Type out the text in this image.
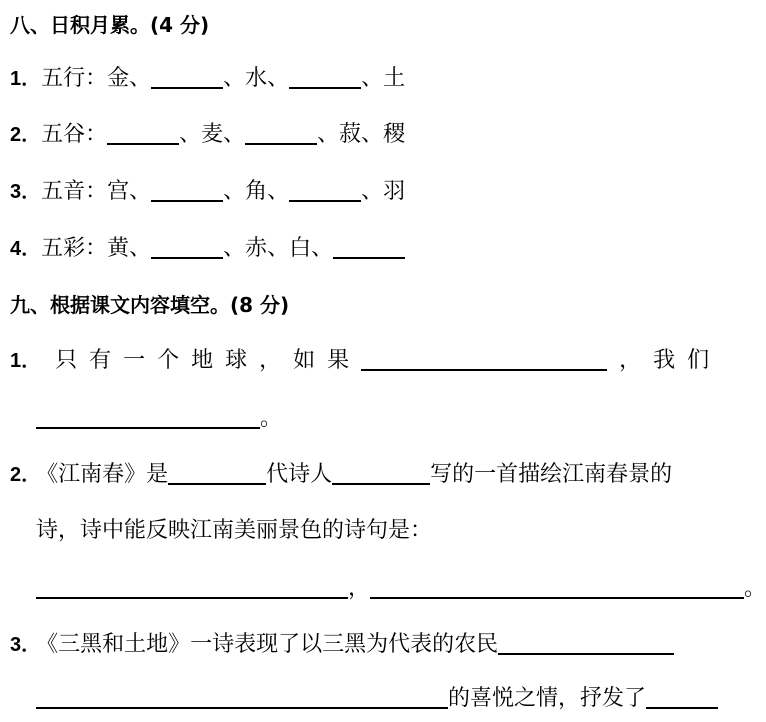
八、日积月累。(4 分)
1．五行：金、	、水、	、土
2．五谷：	、麦、	、菽、稷
3．五音：宫、	、角、	、羽
4．五彩：黄、	、赤、白、
九、根据课文内容填空。(8 分)
1． 只有一个地球，如果	，我们
。
2． 《江南春》是	代诗人	写的一首描绘江南春景的
诗，诗中能反映江南美丽景色的诗句是：
，	。
3． 《三黑和土地》一诗表现了以三黑为代表的农民
的喜悦之情，抒发了
